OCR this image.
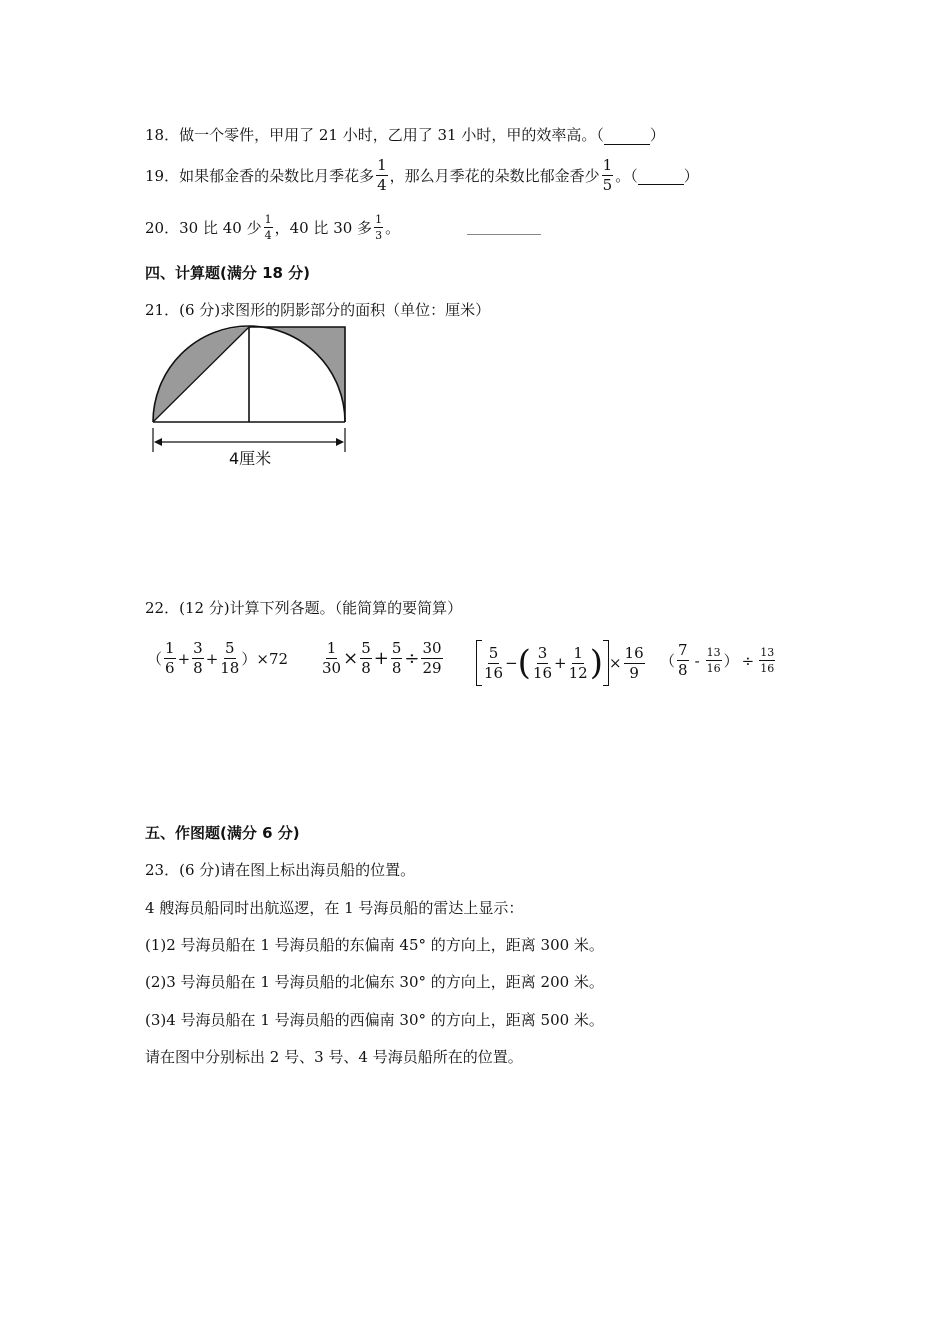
18．做一个零件，甲用了 21 小时，乙用了 31 小时，甲的效率高。（	）
19．如果郁金香的朵数比月季花多 $\frac{1}{4}$ ，那么月季花的朵数比郁金香少 $\frac{1}{5}$ 。（
	）
20．30 比 40 少 $\frac{1}{4}$ ，40 比 30 多 $\frac{1}{3}$ 。
四、计算题(满分 18 分)
21．(6 分)求图形的阴影部分的面积（单位：厘米）
4厘米
22．(12 分)计算下列各题。（能简算的要简算）
（ $\frac{1}{6} + \frac{3}{8} + \frac{5}{18}$ ） $\times 72 \frac{1}{30} \times \frac{5}{8} + \frac{5}{8} \div \frac{30}{29}$	$\frac{5}{16}$ − ( $\frac{3}{16} + \frac{1}{12}$ ) × $\frac{16}{9}$ （ $\frac{7}{8} - \frac{13}{16}$ ） ÷ $\frac{13}{16}$
五、作图题(满分 6 分)
23．(6 分)请在图上标出海员船的位置。
4 艘海员船同时出航巡逻，在 1 号海员船的雷达上显示：
(1)2 号海员船在 1 号海员船的东偏南 45° 的方向上，距离 300 米。
(2)3 号海员船在 1 号海员船的北偏东 30° 的方向上，距离 200 米。
(3)4 号海员船在 1 号海员船的西偏南 30° 的方向上，距离 500 米。
请在图中分别标出 2 号、3 号、4 号海员船所在的位置。
